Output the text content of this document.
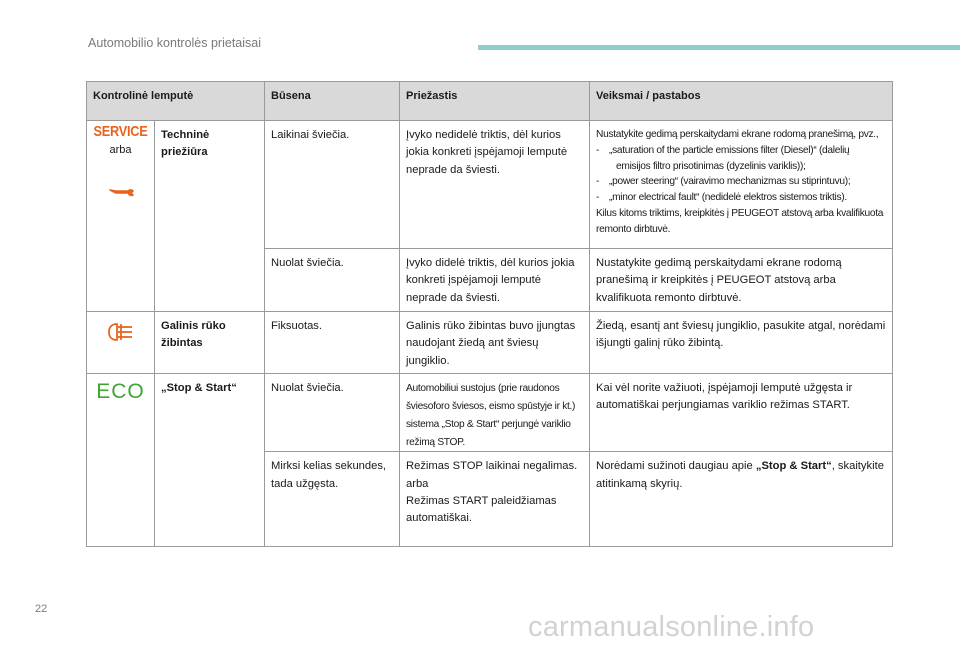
Automobilio kontrolės prietaisai
Kontrolinė lemputė		Būsena	Priežastis	Veiksmai / pastabos

SERVICE
arba	Techninė priežiūra	Laikinai šviečia.	Įvyko nedidelė triktis, dėl kurios jokia konkreti įspėjamoji lemputė neprade da šviesti.	Nustatykite gedimą perskaitydami ekrane rodomą pranešimą, pvz.,
- „saturation of the particle emissions filter (Diesel)“ (dalelių emisijos filtro prisotinimas (dyzelinis variklis));
- „power steering“ (vairavimo mechanizmas su stiprintuvu);
- „minor electrical fault“ (nedidelė elektros sistemos triktis).
Kilus kitoms triktims, kreipkitės į PEUGEOT atstovą arba kvalifikuota remonto dirbtuvė.

		Nuolat šviečia.	Įvyko didelė triktis, dėl kurios jokia konkreti įspėjamoji lemputė neprade da šviesti.	Nustatykite gedimą perskaitydami ekrane rodomą pranešimą ir kreipkitės į PEUGEOT atstovą arba kvalifikuota remonto dirbtuvė.

Galinis rūko žibintas	Fiksuotas.	Galinis rūko žibintas buvo įjungtas naudojant žiedą ant šviesų jungiklio.	Žiedą, esantį ant šviesų jungiklio, pasukite atgal, norėdami išjungti galinį rūko žibintą.

ECO	„Stop & Start“	Nuolat šviečia.	Automobiliui sustojus (prie raudonos šviesoforo šviesos, eismo spūstyje ir kt.) sistema „Stop & Start“ perjungė variklio režimą STOP.	Kai vėl norite važiuoti, įspėjamoji lemputė užgęsta ir automatiškai perjungiamas variklio režimas START.

		Mirksi kelias sekundes, tada užgęsta.	Režimas STOP laikinai negalimas.
arba
Režimas START paleidžiamas automatiškai.	Norėdami sužinoti daugiau apie „Stop & Start“, skaitykite atitinkamą skyrių.
22
carmanualsonline.info
